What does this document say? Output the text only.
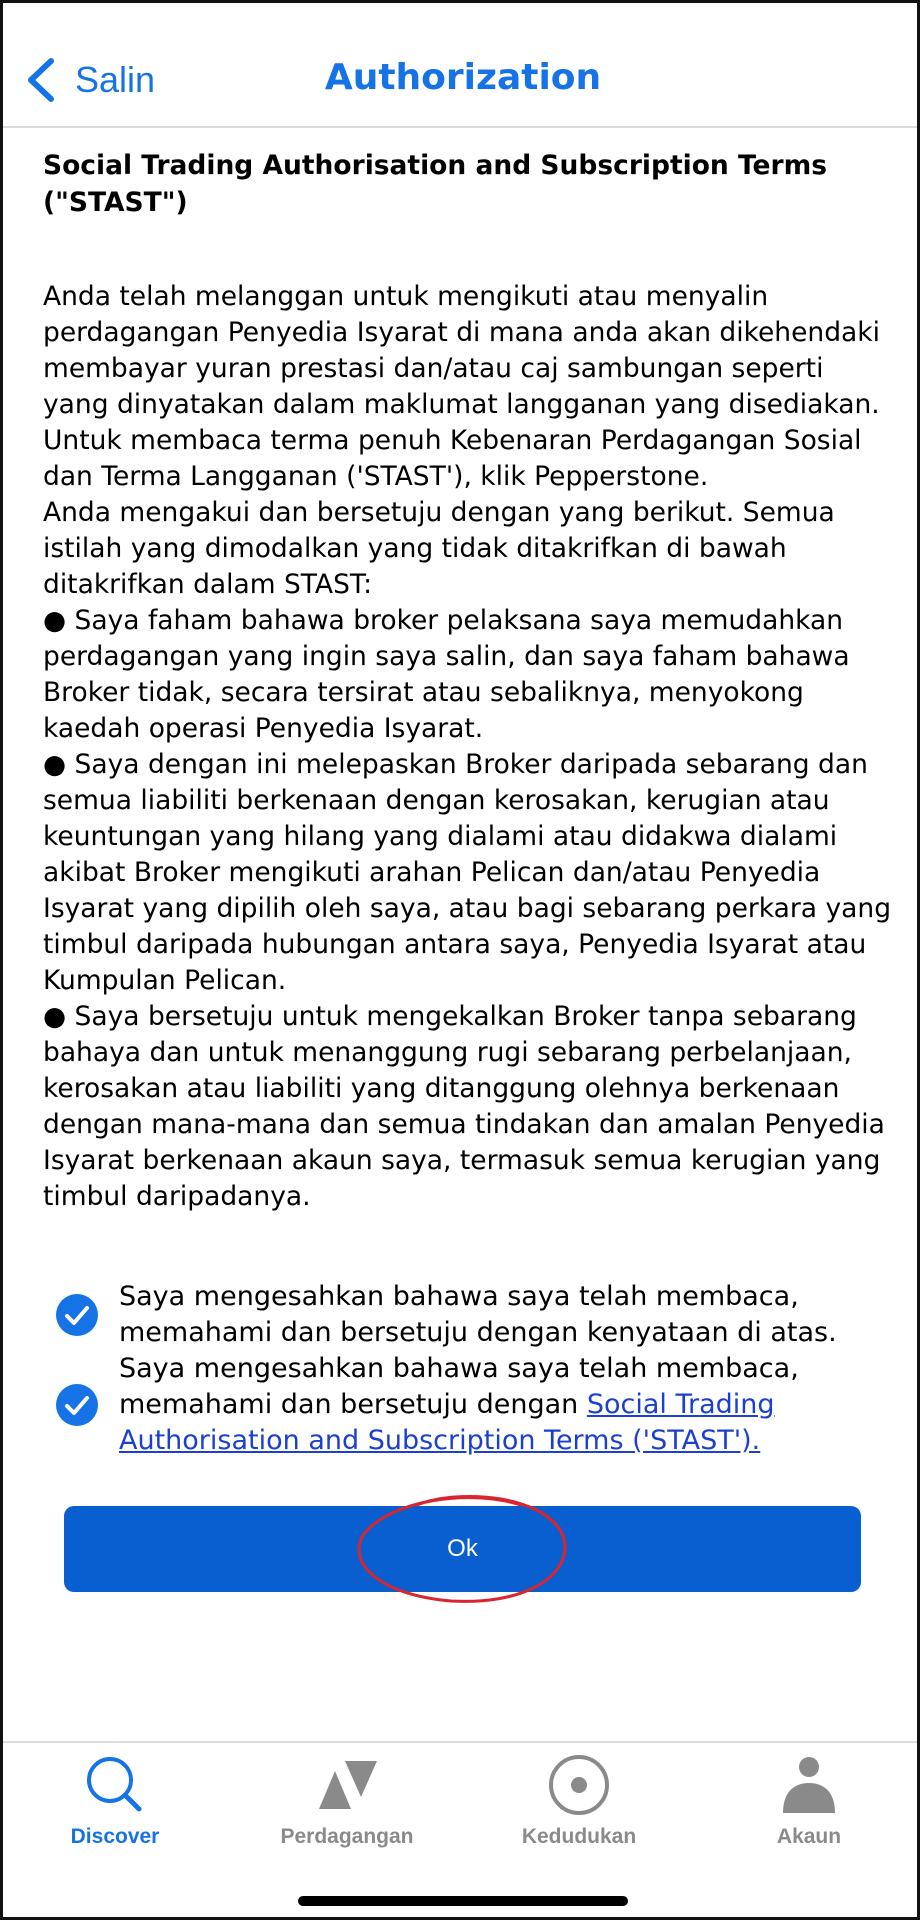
Salin	Authorization
Social Trading Authorisation and Subscription Terms
("STAST")

Anda telah melanggan untuk mengikuti atau menyalin perdagangan Penyedia Isyarat di mana anda akan dikehendaki membayar yuran prestasi dan/atau caj sambungan seperti yang dinyatakan dalam maklumat langganan yang disediakan. Untuk membaca terma penuh Kebenaran Perdagangan Sosial dan Terma Langganan ('STAST'), klik Pepperstone.

Anda mengakui dan bersetuju dengan yang berikut. Semua istilah yang dimodalkan yang tidak ditakrifkan di bawah ditakrifkan dalam STAST:

● Saya faham bahawa broker pelaksana saya memudahkan perdagangan yang ingin saya salin, dan saya faham bahawa Broker tidak, secara tersirat atau sebaliknya, menyokong kaedah operasi Penyedia Isyarat.

● Saya dengan ini melepaskan Broker daripada sebarang dan semua liabiliti berkenaan dengan kerosakan, kerugian atau keuntungan yang hilang yang dialami atau didakwa dialami akibat Broker mengikuti arahan Pelican dan/atau Penyedia Isyarat yang dipilih oleh saya, atau bagi sebarang perkara yang timbul daripada hubungan antara saya, Penyedia Isyarat atau Kumpulan Pelican.

● Saya bersetuju untuk mengekalkan Broker tanpa sebarang bahaya dan untuk menanggung rugi sebarang perbelanjaan, kerosakan atau liabiliti yang ditanggung olehnya berkenaan dengan mana-mana dan semua tindakan dan amalan Penyedia Isyarat berkenaan akaun saya, termasuk semua kerugian yang timbul daripadanya.

Saya mengesahkan bahawa saya telah membaca, memahami dan bersetuju dengan kenyataan di atas.
Saya mengesahkan bahawa saya telah membaca, memahami dan bersetuju dengan Social Trading Authorisation and Subscription Terms ('STAST').
Ok
Discover	Perdagangan	Kedudukan	Akaun
